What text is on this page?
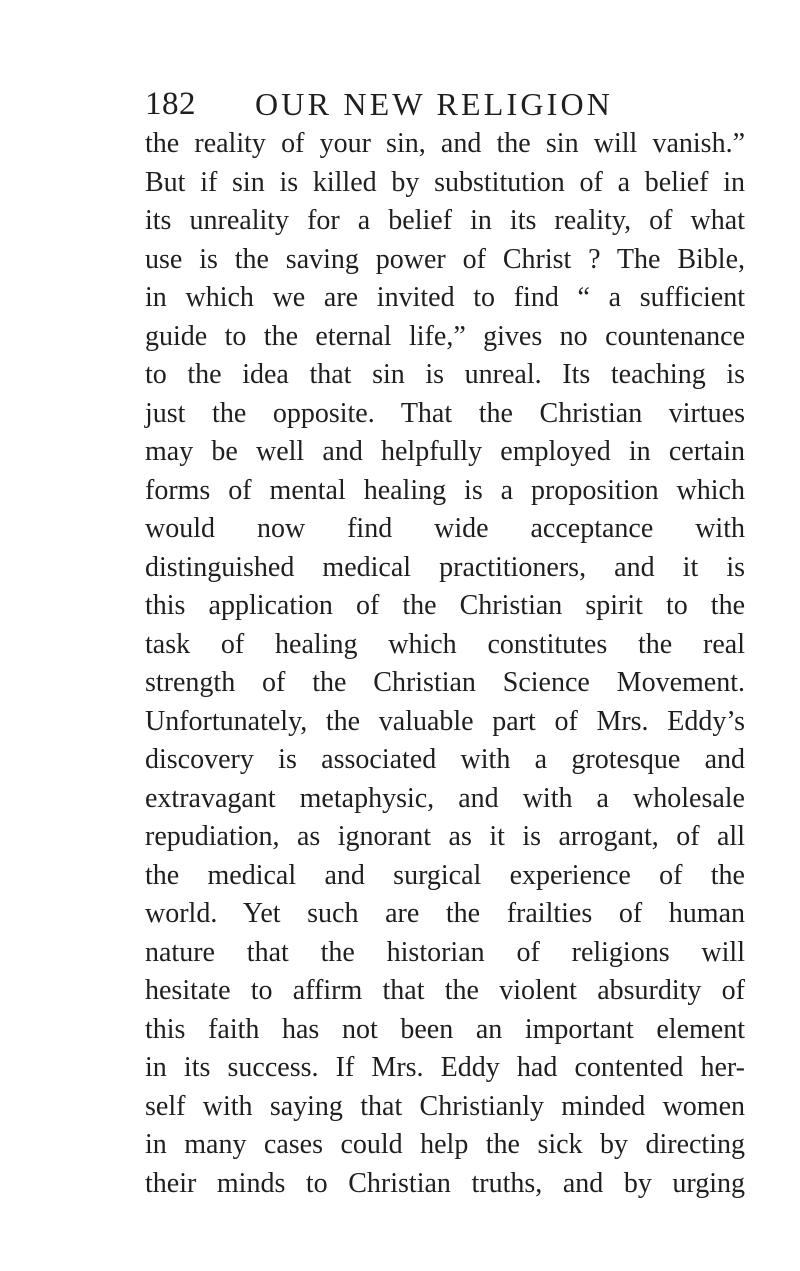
182 OUR NEW RELIGION
the reality of your sin, and the sin will vanish.”
But if sin is killed by substitution of a belief in
its unreality for a belief in its reality, of what
use is the saving power of Christ ? The Bible,
in which we are invited to find “ a sufficient
guide to the eternal life,” gives no countenance
to the idea that sin is unreal. Its teaching is
just the opposite. That the Christian virtues
may be well and helpfully employed in certain
forms of mental healing is a proposition which
would now find wide acceptance with
distinguished medical practitioners, and it is
this application of the Christian spirit to the
task of healing which constitutes the real
strength of the Christian Science Movement.
Unfortunately, the valuable part of Mrs. Eddy’s
discovery is associated with a grotesque and
extravagant metaphysic, and with a wholesale
repudiation, as ignorant as it is arrogant, of all
the medical and surgical experience of the
world. Yet such are the frailties of human
nature that the historian of religions will
hesitate to affirm that the violent absurdity of
this faith has not been an important element
in its success. If Mrs. Eddy had contented her-
self with saying that Christianly minded women
in many cases could help the sick by directing
their minds to Christian truths, and by urging
